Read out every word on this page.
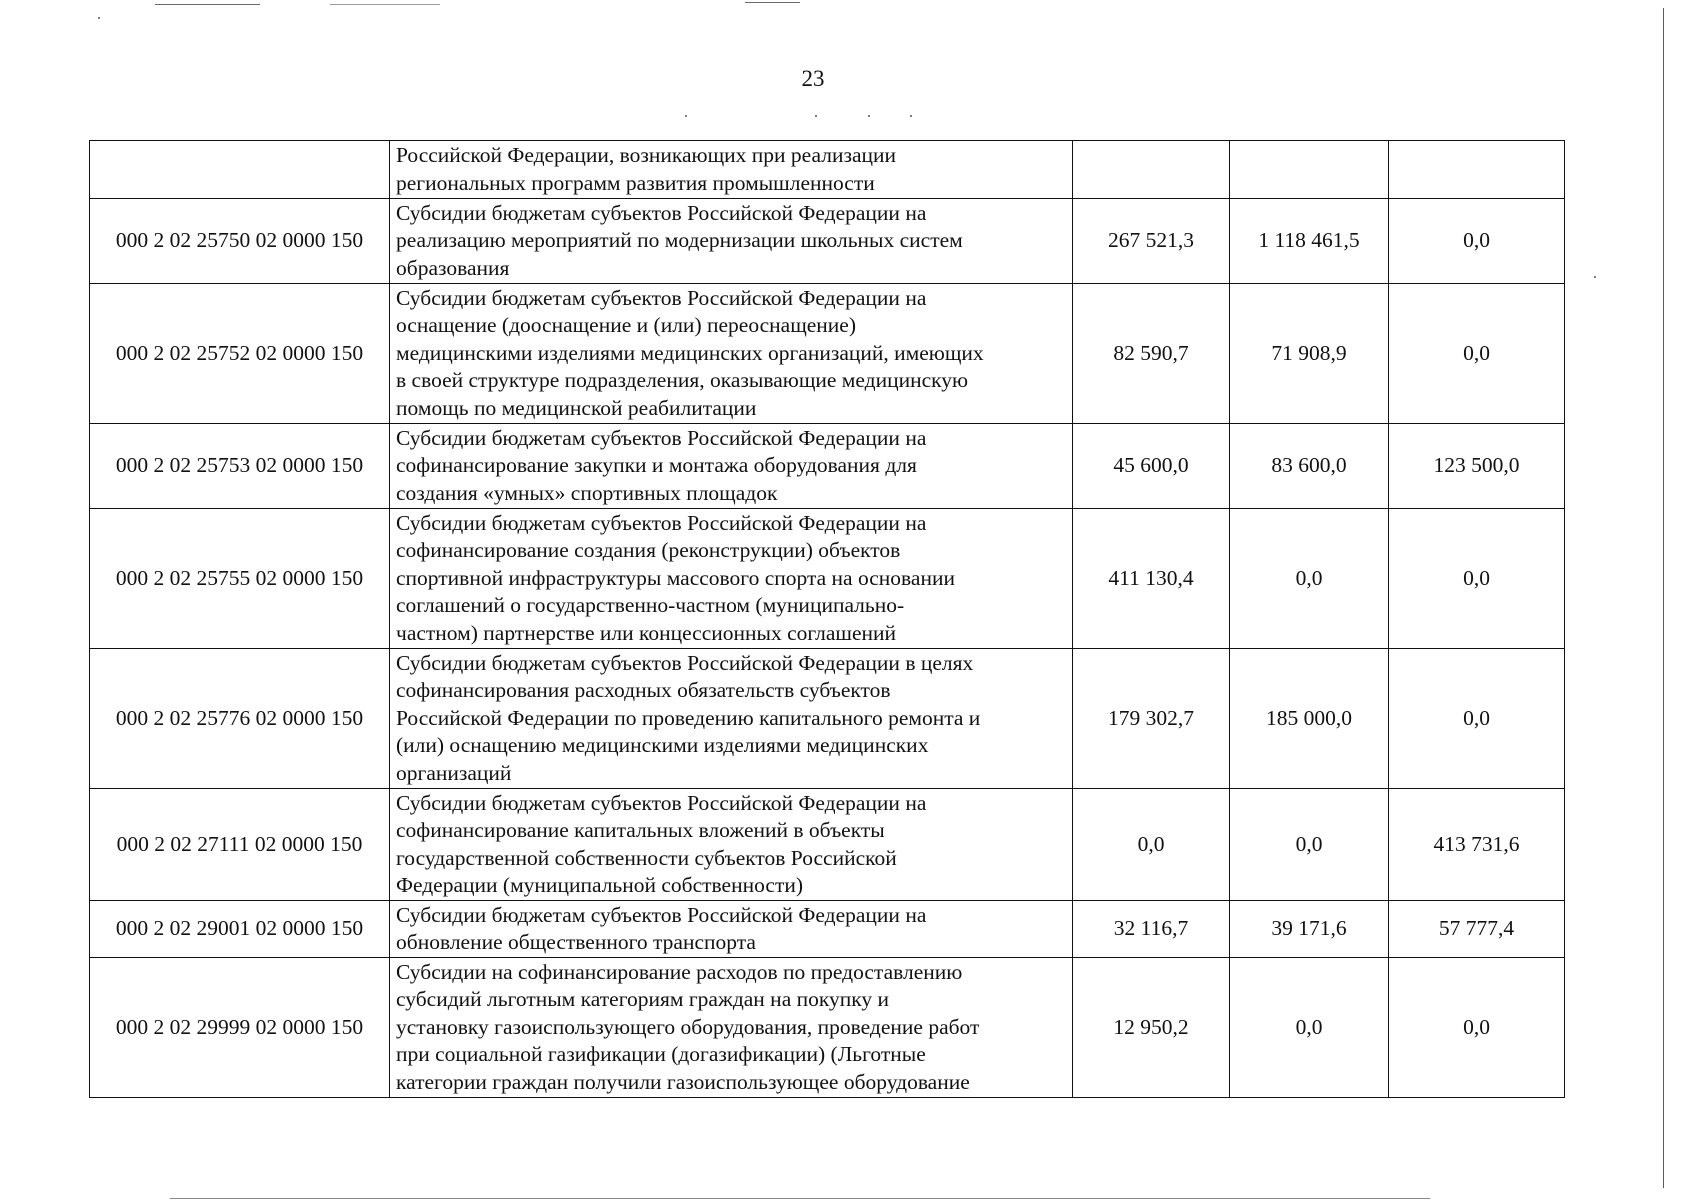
23

	Российской Федерации, возникающих при реализации
региональных программ развития промышленности			

000 2 02 25750 02 0000 150	Субсидии бюджетам субъектов Российской Федерации на
реализацию мероприятий по модернизации школьных систем
образования	267 521,3	1 118 461,5	0,0
000 2 02 25752 02 0000 150	Субсидии бюджетам субъектов Российской Федерации на
оснащение (дооснащение и (или) переоснащение)
медицинскими изделиями медицинских организаций, имеющих
в своей структуре подразделения, оказывающие медицинскую
помощь по медицинской реабилитации	82 590,7	71 908,9	0,0
000 2 02 25753 02 0000 150	Субсидии бюджетам субъектов Российской Федерации на
софинансирование закупки и монтажа оборудования для
создания «умных» спортивных площадок	45 600,0	83 600,0	123 500,0
000 2 02 25755 02 0000 150	Субсидии бюджетам субъектов Российской Федерации на
софинансирование создания (реконструкции) объектов
спортивной инфраструктуры массового спорта на основании
соглашений о государственно-частном (муниципально-
частном) партнерстве или концессионных соглашений	411 130,4	0,0	0,0
000 2 02 25776 02 0000 150	Субсидии бюджетам субъектов Российской Федерации в целях
софинансирования расходных обязательств субъектов
Российской Федерации по проведению капитального ремонта и
(или) оснащению медицинскими изделиями медицинских
организаций	179 302,7	185 000,0	0,0
000 2 02 27111 02 0000 150	Субсидии бюджетам субъектов Российской Федерации на
софинансирование капитальных вложений в объекты
государственной собственности субъектов Российской
Федерации (муниципальной собственности)	0,0	0,0	413 731,6
000 2 02 29001 02 0000 150	Субсидии бюджетам субъектов Российской Федерации на
обновление общественного транспорта	32 116,7	39 171,6	57 777,4
000 2 02 29999 02 0000 150	Субсидии на софинансирование расходов по предоставлению
субсидий льготным категориям граждан на покупку и
установку газоиспользующего оборудования, проведение работ
при социальной газификации (догазификации) (Льготные
категории граждан получили газоиспользующее оборудование	12 950,2	0,0	0,0
